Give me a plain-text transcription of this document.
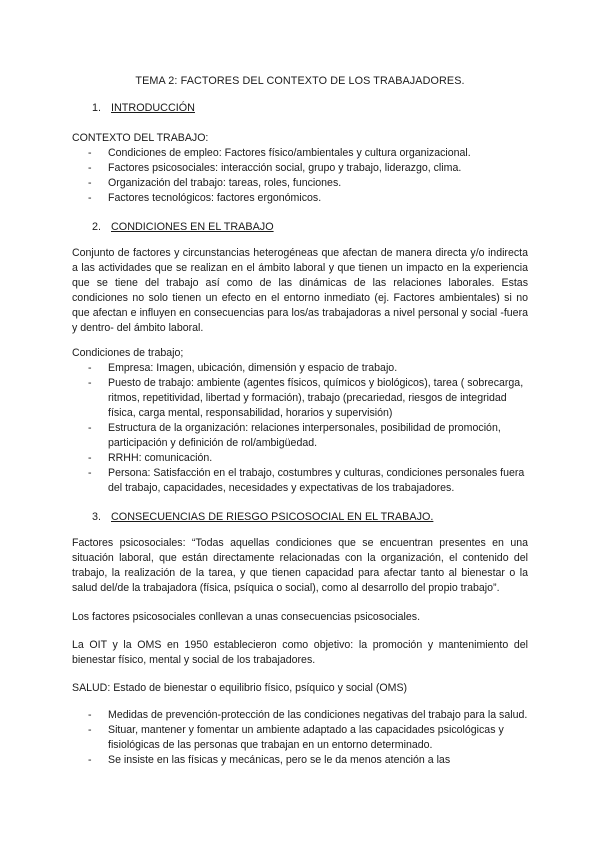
TEMA 2: FACTORES DEL CONTEXTO DE LOS TRABAJADORES.
1. INTRODUCCIÓN

CONTEXTO DEL TRABAJO:

- Condiciones de empleo: Factores físico/ambientales y cultura organizacional.
- Factores psicosociales: interacción social, grupo y trabajo, liderazgo, clima.
- Organización del trabajo: tareas, roles, funciones.
- Factores tecnológicos: factores ergonómicos.
2. CONDICIONES EN EL TRABAJO

Conjunto de factores y circunstancias heterogéneas que afectan de manera directa y/o indirecta a las actividades que se realizan en el ámbito laboral y que tienen un impacto en la experiencia que se tiene del trabajo así como de las dinámicas de las relaciones laborales. Estas condiciones no solo tienen un efecto en el entorno inmediato (ej. Factores ambientales) si no que afectan e influyen en consecuencias para los/as trabajadoras a nivel personal y social -fuera y dentro- del ámbito laboral.

Condiciones de trabajo;

- Empresa: Imagen, ubicación, dimensión y espacio de trabajo.
- Puesto de trabajo: ambiente (agentes físicos, químicos y biológicos), tarea ( sobrecarga, ritmos, repetitividad, libertad y formación), trabajo (precariedad, riesgos de integridad física, carga mental, responsabilidad, horarios y supervisión)
- Estructura de la organización: relaciones interpersonales, posibilidad de promoción, participación y definición de rol/ambigüedad.
- RRHH: comunicación.
- Persona: Satisfacción en el trabajo, costumbres y culturas, condiciones personales fuera del trabajo, capacidades, necesidades y expectativas de los trabajadores.
3. CONSECUENCIAS DE RIESGO PSICOSOCIAL EN EL TRABAJO.

Factores psicosociales: “Todas aquellas condiciones que se encuentran presentes en una situación laboral, que están directamente relacionadas con la organización, el contenido del trabajo, la realización de la tarea, y que tienen capacidad para afectar tanto al bienestar o la salud del/de la trabajadora (física, psíquica o social), como al desarrollo del propio trabajo”.

Los factores psicosociales conllevan a unas consecuencias psicosociales.

La OIT y la OMS en 1950 establecieron como objetivo: la promoción y mantenimiento del bienestar físico, mental y social de los trabajadores.

SALUD: Estado de bienestar o equilibrio físico, psíquico y social (OMS)

- Medidas de prevención-protección de las condiciones negativas del trabajo para la salud.
- Situar, mantener y fomentar un ambiente adaptado a las capacidades psicológicas y fisiológicas de las personas que trabajan en un entorno determinado.
- Se insiste en las físicas y mecánicas, pero se le da menos atención a las
